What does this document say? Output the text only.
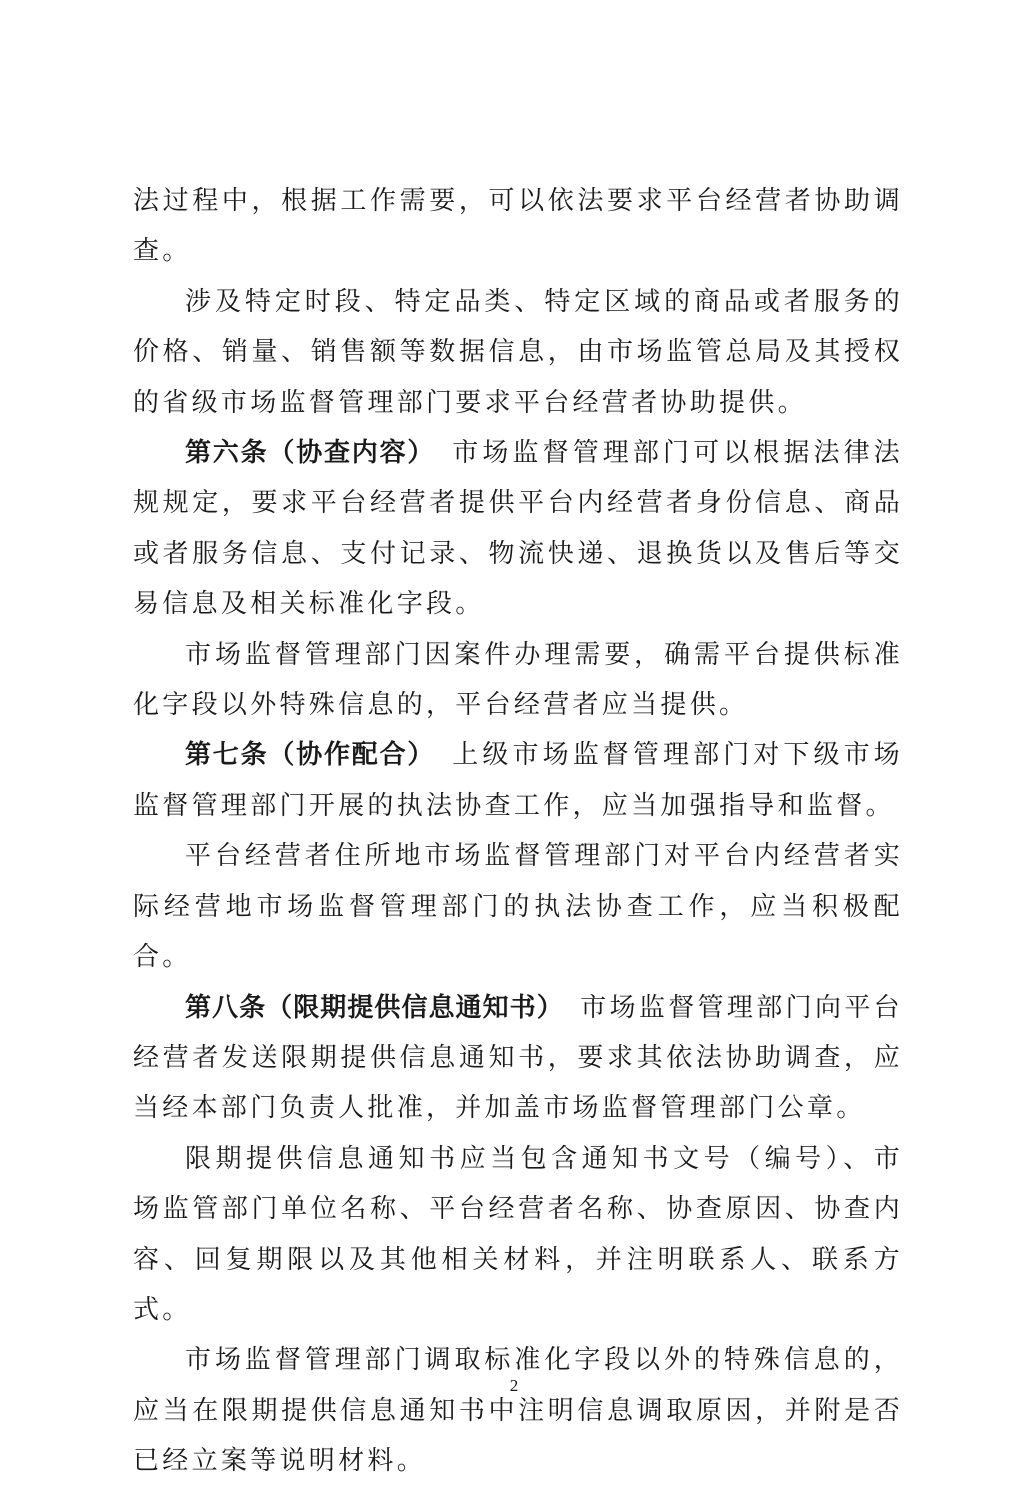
法过程中，根据工作需要，可以依法要求平台经营者协助调查。

涉及特定时段、特定品类、特定区域的商品或者服务的价格、销量、销售额等数据信息，由市场监管总局及其授权的省级市场监督管理部门要求平台经营者协助提供。

第六条（协查内容）　市场监督管理部门可以根据法律法规规定，要求平台经营者提供平台内经营者身份信息、商品或者服务信息、支付记录、物流快递、退换货以及售后等交易信息及相关标准化字段。

市场监督管理部门因案件办理需要，确需平台提供标准化字段以外特殊信息的，平台经营者应当提供。

第七条（协作配合）　上级市场监督管理部门对下级市场监督管理部门开展的执法协查工作，应当加强指导和监督。

平台经营者住所地市场监督管理部门对平台内经营者实际经营地市场监督管理部门的执法协查工作，应当积极配合。

第八条（限期提供信息通知书）　市场监督管理部门向平台经营者发送限期提供信息通知书，要求其依法协助调查，应当经本部门负责人批准，并加盖市场监督管理部门公章。

限期提供信息通知书应当包含通知书文号（编号）、市场监管部门单位名称、平台经营者名称、协查原因、协查内容、回复期限以及其他相关材料，并注明联系人、联系方式。

市场监督管理部门调取标准化字段以外的特殊信息的，应当在限期提供信息通知书中注明信息调取原因，并附是否已经立案等说明材料。

2
